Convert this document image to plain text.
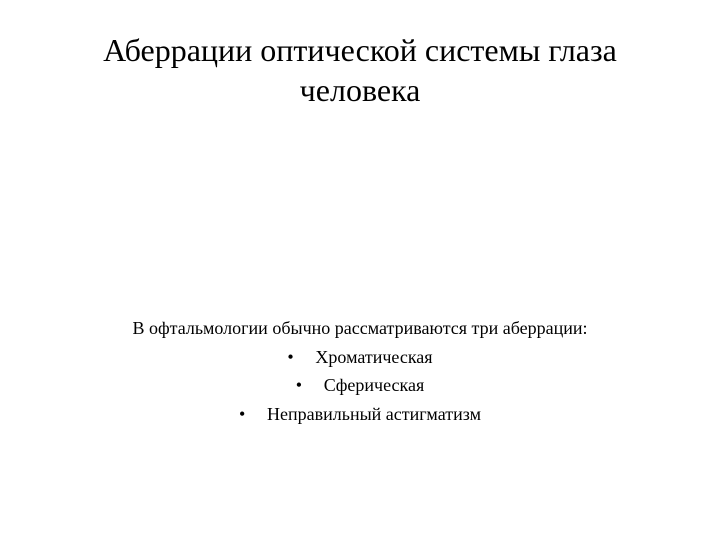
Аберрации оптической системы глаза
человека
В офтальмологии обычно рассматриваются три аберрации:
• Хроматическая
• Сферическая
• Неправильный астигматизм
